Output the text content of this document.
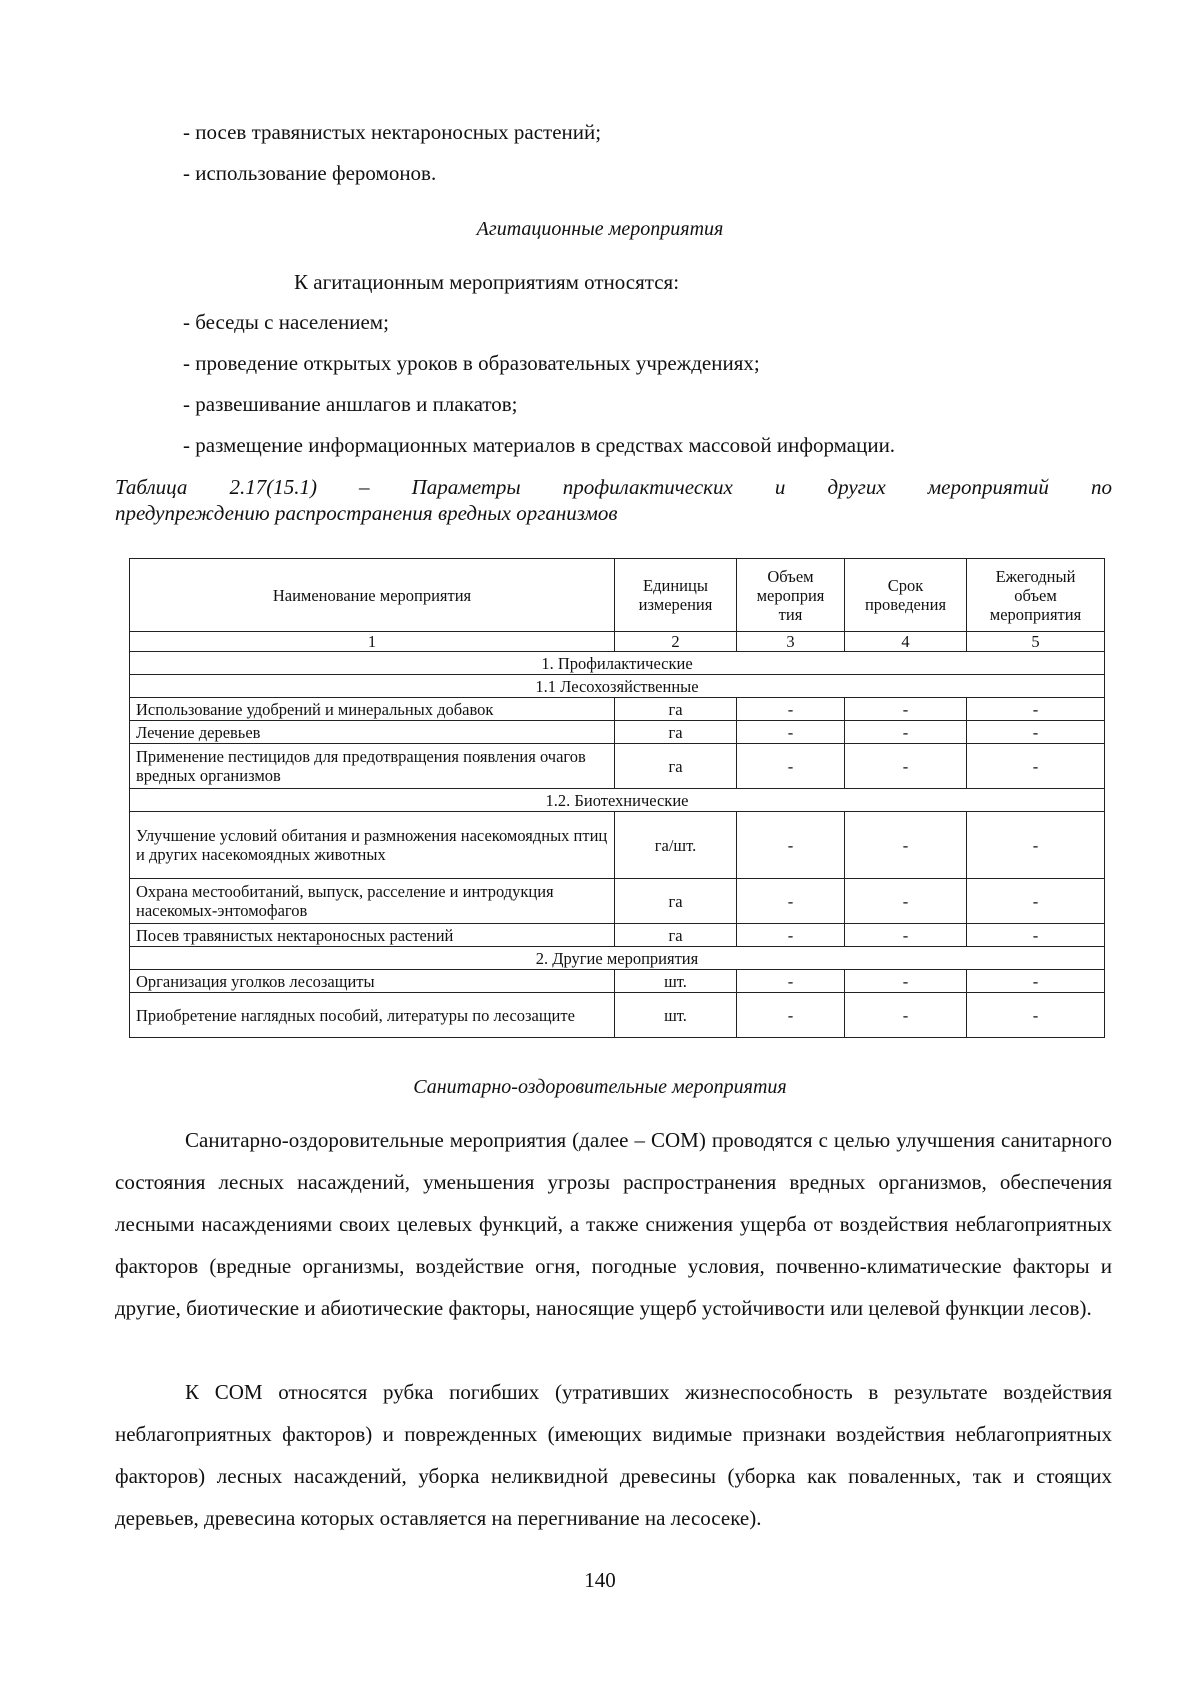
- посев травянистых нектароносных растений;
- использование феромонов.
Агитационные мероприятия
К агитационным мероприятиям относятся:
- беседы с населением;
- проведение открытых уроков в образовательных учреждениях;
- развешивание аншлагов и плакатов;
- размещение информационных материалов в средствах массовой информации.
Таблица 2.17(15.1) – Параметры профилактических и других мероприятий по
предупреждению распространения вредных организмов
Наименование мероприятия	Единицы измерения	Объем мероприя тия	Срок проведения	Ежегодный объем мероприятия
1	2	3	4	5
1. Профилактические				
1.1 Лесохозяйственные				
Использование удобрений и минеральных добавок	га	-	-	-
Лечение деревьев	га	-	-	-
Применение пестицидов для предотвращения появления очагов вредных организмов	га	-	-	-
1.2. Биотехнические				
Улучшение условий обитания и размножения насекомоядных птиц и других насекомоядных животных	га/шт.	-	-	-
Охрана местообитаний, выпуск, расселение и интродукция насекомых-энтомофагов	га	-	-	-
Посев травянистых нектароносных растений	га	-	-	-
2. Другие мероприятия				
Организация уголков лесозащиты	шт.	-	-	-
Приобретение наглядных пособий, литературы по лесозащите	шт.	-	-	-
Санитарно-оздоровительные мероприятия
Санитарно-оздоровительные мероприятия (далее – СОМ) проводятся с целью улучшения санитарного состояния лесных насаждений, уменьшения угрозы распространения вредных организмов, обеспечения лесными насаждениями своих целевых функций, а также снижения ущерба от воздействия неблагоприятных факторов (вредные организмы, воздействие огня, погодные условия, почвенно-климатические факторы и другие, биотические и абиотические факторы, наносящие ущерб устойчивости или целевой функции лесов).
К СОМ относятся рубка погибших (утративших жизнеспособность в результате воздействия неблагоприятных факторов) и поврежденных (имеющих видимые признаки воздействия неблагоприятных факторов) лесных насаждений, уборка неликвидной древесины (уборка как поваленных, так и стоящих деревьев, древесина которых оставляется на перегнивание на лесосеке).
140
